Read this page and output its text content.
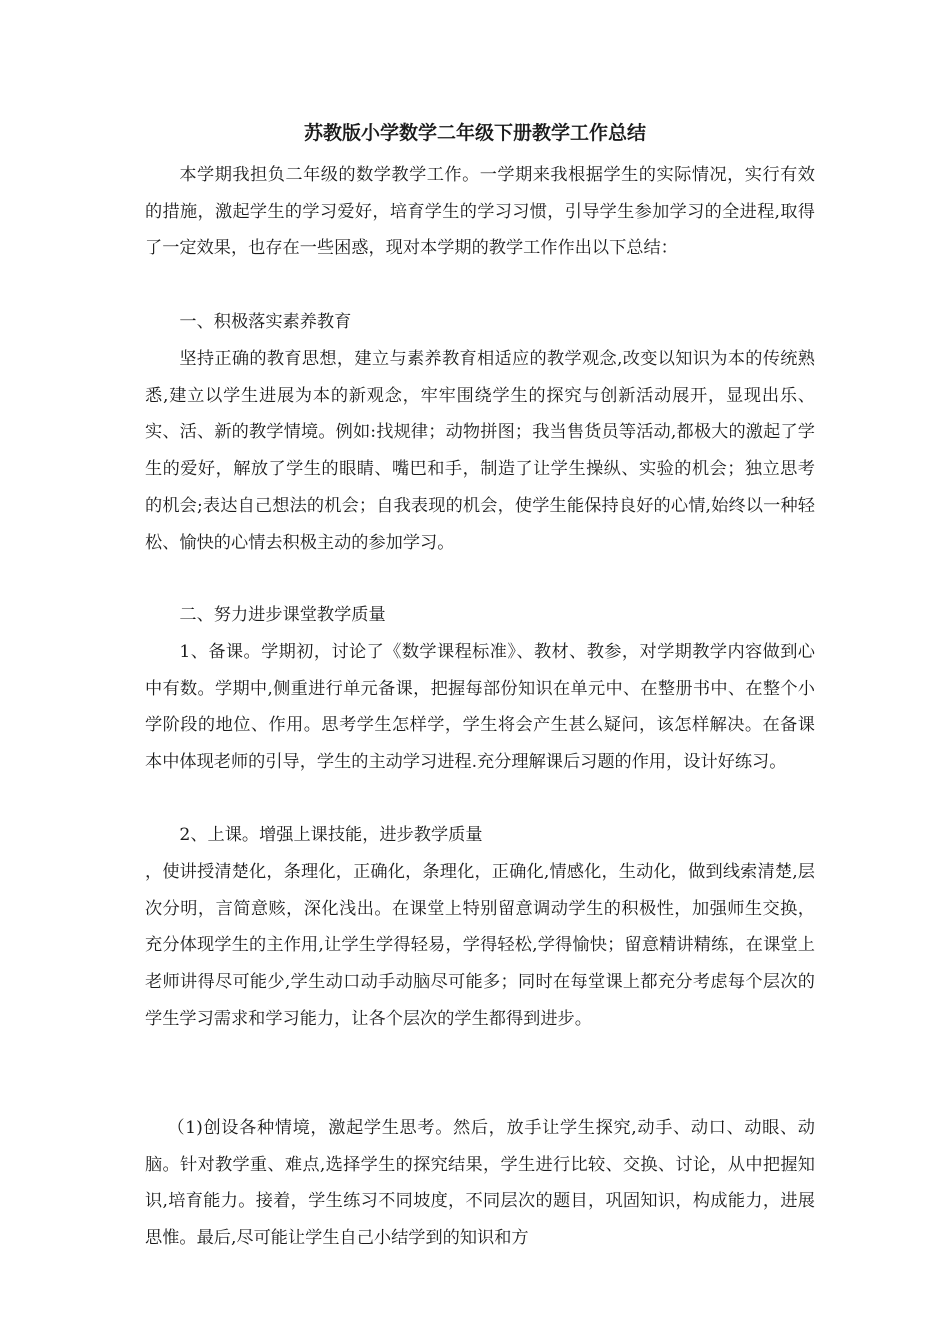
苏教版小学数学二年级下册教学工作总结

本学期我担负二年级的数学教学工作。一学期来我根据学生的实际情况，实行有效的措施，激起学生的学习爱好，培育学生的学习习惯，引导学生参加学习的全进程,取得了一定效果，也存在一些困惑，现对本学期的教学工作作出以下总结：

一、积极落实素养教育

坚持正确的教育思想，建立与素养教育相适应的教学观念,改变以知识为本的传统熟悉,建立以学生进展为本的新观念，牢牢围绕学生的探究与创新活动展开，显现出乐、实、活、新的教学情境。例如:找规律；动物拼图；我当售货员等活动,都极大的激起了学生的爱好，解放了学生的眼睛、嘴巴和手，制造了让学生操纵、实验的机会；独立思考的机会;表达自己想法的机会；自我表现的机会，使学生能保持良好的心情,始终以一种轻松、愉快的心情去积极主动的参加学习。

二、努力进步课堂教学质量

1、备课。学期初，讨论了《数学课程标准》、教材、教参，对学期教学内容做到心中有数。学期中,侧重进行单元备课，把握每部份知识在单元中、在整册书中、在整个小学阶段的地位、作用。思考学生怎样学，学生将会产生甚么疑问，该怎样解决。在备课本中体现老师的引导，学生的主动学习进程.充分理解课后习题的作用，设计好练习。

2、上课。增强上课技能，进步教学质量

，使讲授清楚化，条理化，正确化，条理化，正确化,情感化，生动化，做到线索清楚,层次分明，言简意赅，深化浅出。在课堂上特别留意调动学生的积极性，加强师生交换，充分体现学生的主作用,让学生学得轻易，学得轻松,学得愉快；留意精讲精练，在课堂上老师讲得尽可能少,学生动口动手动脑尽可能多；同时在每堂课上都充分考虑每个层次的学生学习需求和学习能力，让各个层次的学生都得到进步。

（1)创设各种情境，激起学生思考。然后，放手让学生探究,动手、动口、动眼、动脑。针对教学重、难点,选择学生的探究结果，学生进行比较、交换、讨论，从中把握知识,培育能力。接着，学生练习不同坡度，不同层次的题目，巩固知识，构成能力，进展思惟。最后,尽可能让学生自己小结学到的知识和方
